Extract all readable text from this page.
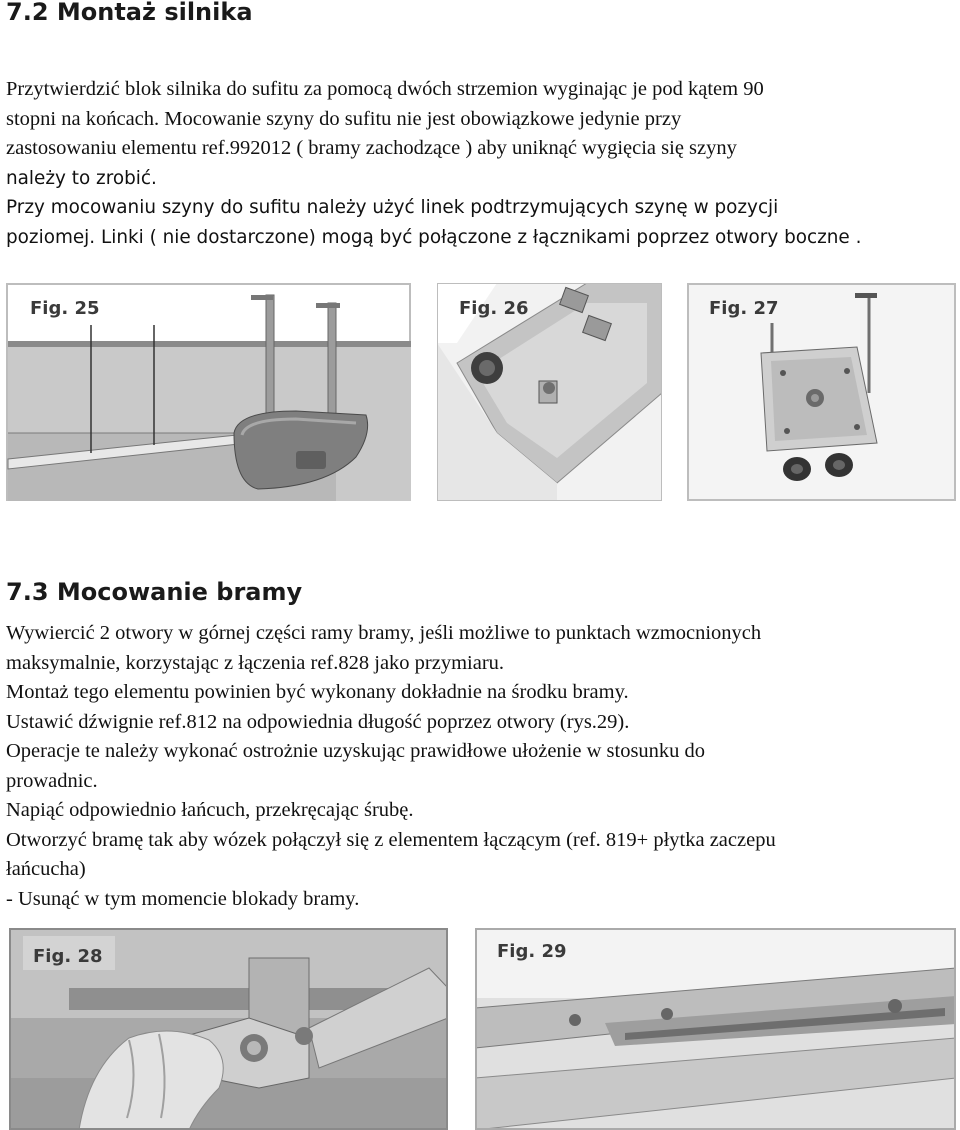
7.2 Montaż silnika
Przytwierdzić blok silnika do sufitu za pomocą dwóch strzemion wyginając je pod kątem 90
stopni na końcach. Mocowanie szyny do sufitu nie jest obowiązkowe jedynie przy
zastosowaniu elementu ref.992012 ( bramy zachodzące ) aby uniknąć wygięcia się szyny
należy to zrobić.
Przy mocowaniu szyny do sufitu należy użyć linek podtrzymujących szynę w pozycji
poziomej. Linki ( nie dostarczone) mogą być połączone z łącznikami poprzez otwory boczne .
Fig. 25	Fig. 26	Fig. 27
7.3 Mocowanie bramy
Wywiercić 2 otwory w górnej części ramy bramy, jeśli możliwe to punktach wzmocnionych
maksymalnie, korzystając z łączenia ref.828 jako przymiaru.
Montaż tego elementu powinien być wykonany dokładnie na środku bramy.
Ustawić dźwignie ref.812 na odpowiednia długość poprzez otwory (rys.29).
Operacje te należy wykonać ostrożnie uzyskując prawidłowe ułożenie w stosunku do
prowadnic.
Napiąć odpowiednio łańcuch, przekręcając śrubę.
Otworzyć bramę tak aby wózek połączył się z elementem łączącym (ref. 819+ płytka zaczepu
łańcucha)
- Usunąć w tym momencie blokady bramy.
Fig. 28	Fig. 29
